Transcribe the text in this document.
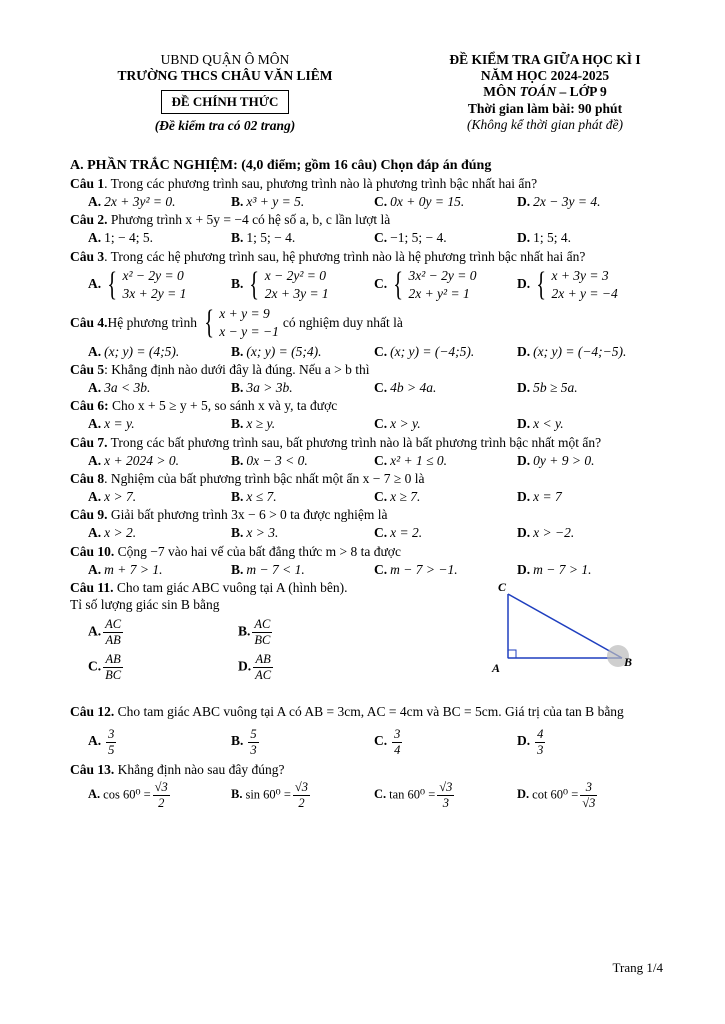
UBND QUẬN Ô MÔN
TRƯỜNG THCS CHÂU VĂN LIÊM
ĐỀ CHÍNH THỨC
(Đề kiểm tra có 02 trang)
ĐỀ KIỂM TRA GIỮA HỌC KÌ I
NĂM HỌC 2024-2025
MÔN TOÁN – LỚP 9
Thời gian làm bài: 90 phút
(Không kể thời gian phát đề)
A. PHẦN TRẮC NGHIỆM: (4,0 điểm; gồm 16 câu) Chọn đáp án đúng
Câu 1. Trong các phương trình sau, phương trình nào là phương trình bậc nhất hai ẩn?
A. 2x + 3y² = 0.	B. x³ + y = 5.	C. 0x + 0y = 15.	D. 2x − 3y = 4.
Câu 2. Phương trình x + 5y = −4 có hệ số a, b, c lần lượt là
A. 1; − 4; 5.	B. 1; 5; − 4.	C. −1; 5; − 4.	D. 1; 5; 4.
Câu 3. Trong các hệ phương trình sau, hệ phương trình nào là hệ phương trình bậc nhất hai ẩn?
A. { x² − 2y = 0
3x + 2y = 1
B. { x − 2y² = 0
2x + 3y = 1
C. { 3x² − 2y = 0
2x + y² = 1
D. { x + 3y = 3
2x + y = −4
Câu 4. Hệ phương trình { x + y = 9
x − y = −1
có nghiệm duy nhất là
A. (x; y) = (4;5).	B. (x; y) = (5;4).	C. (x; y) = (−4;5).	D. (x; y) = (−4;−5).
Câu 5: Khẳng định nào dưới đây là đúng. Nếu a > b thì
A. 3a < 3b.	B. 3a > 3b.	C. 4b > 4a.	D. 5b ≥ 5a.
Câu 6: Cho x + 5 ≥ y + 5, so sánh x và y, ta được
A. x = y.	B. x ≥ y.	C. x > y.	D. x < y.
Câu 7. Trong các bất phương trình sau, bất phương trình nào là bất phương trình bậc nhất một ẩn?
A. x + 2024 > 0.	B. 0x − 3 < 0.	C. x² + 1 ≤ 0.	D. 0y + 9 > 0.
Câu 8. Nghiệm của bất phương trình bậc nhất một ẩn x − 7 ≥ 0 là
A. x > 7.	B. x ≤ 7.	C. x ≥ 7.	D. x = 7
Câu 9. Giải bất phương trình 3x − 6 > 0 ta được nghiệm là
A. x > 2.	B. x > 3.	C. x = 2.	D. x > −2.
Câu 10. Cộng −7 vào hai vế của bất đẳng thức m > 8 ta được
A. m + 7 > 1.	B. m − 7 < 1.	C. m − 7 > −1.	D. m − 7 > 1.
Câu 11. Cho tam giác ABC vuông tại A (hình bên).
Tỉ số lượng giác sin B bằng
A. $\frac{AC}{AB}$	B. $\frac{AC}{BC}$
C. $\frac{AB}{BC}$	D. $\frac{AB}{AC}$
C
A	B
Câu 12. Cho tam giác ABC vuông tại A có AB = 3cm, AC = 4cm và BC = 5cm. Giá trị của tan B bằng
A. $\frac{3}{5}$	B. $\frac{5}{3}$	C. $\frac{3}{4}$	D. $\frac{4}{3}$
Câu 13. Khẳng định nào sau đây đúng?
A. $\cos 60^0 = \frac{√3}{2}$	B. $\sin 60^0 = \frac{√3}{2}$	C. $\tan 60^0 = \frac{√3}{3}$	D. $\cot 60^0 = \frac{3}{√3}$
Trang 1/4
